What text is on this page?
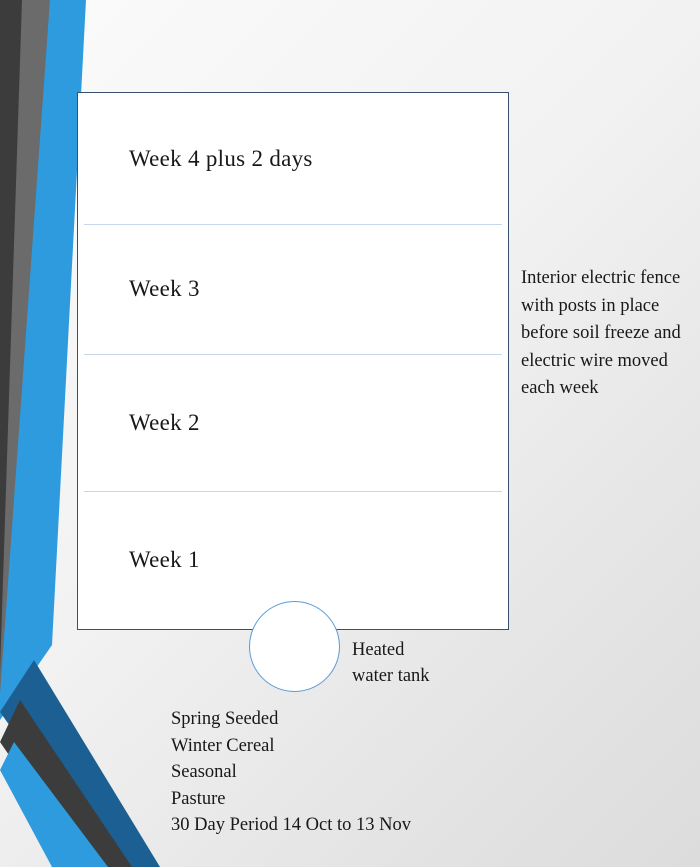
Week 4 plus 2 days
Week 3
Week 2
Week 1
Heated
water tank
Interior electric fence with posts in place before soil freeze and electric wire moved each week
Spring Seeded
Winter Cereal
Seasonal
Pasture
30 Day Period 14 Oct to 13 Nov
